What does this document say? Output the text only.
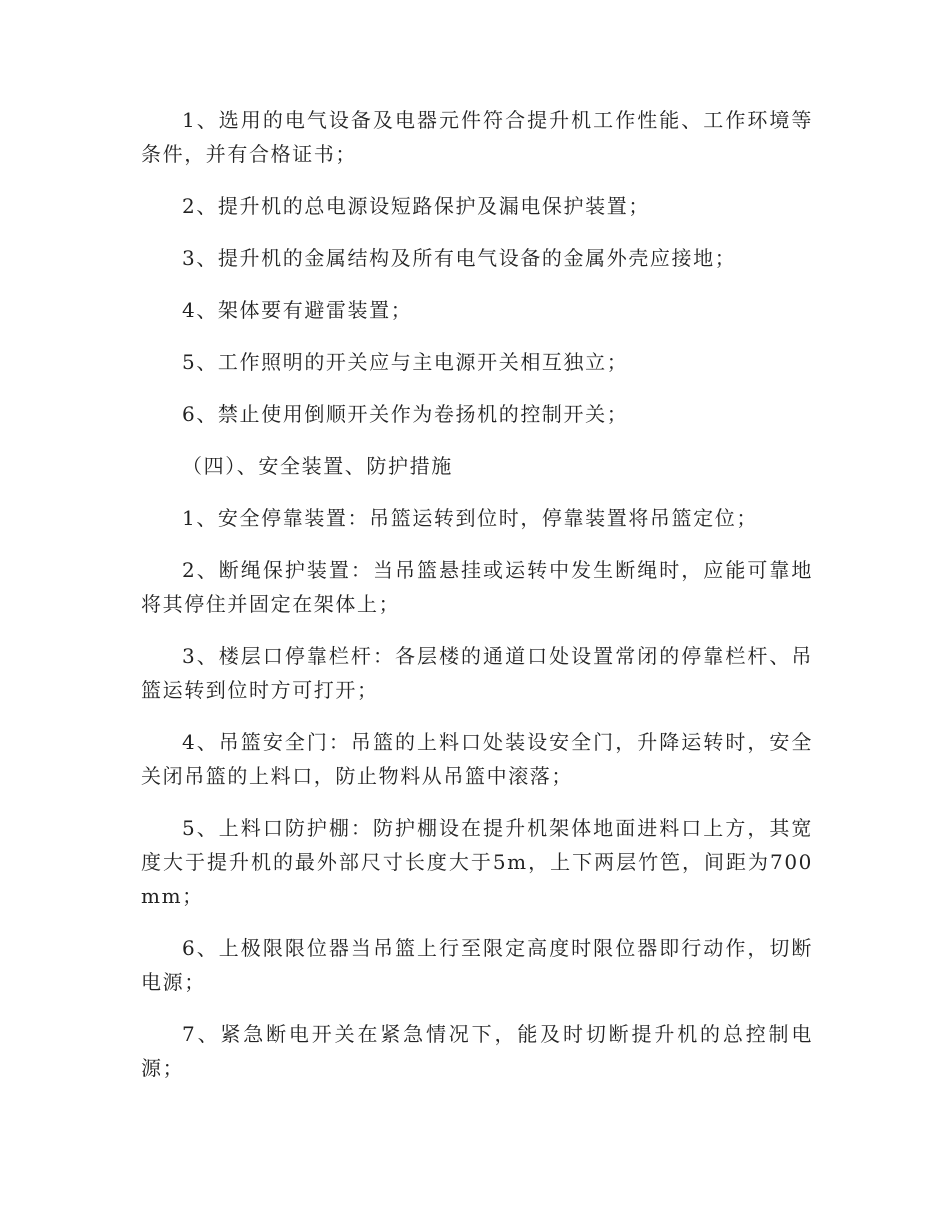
1、选用的电气设备及电器元件符合提升机工作性能、工作环境等条件，并有合格证书；

2、提升机的总电源设短路保护及漏电保护装置；

3、提升机的金属结构及所有电气设备的金属外壳应接地；

4、架体要有避雷装置；

5、工作照明的开关应与主电源开关相互独立；

6、禁止使用倒顺开关作为卷扬机的控制开关；

（四）、安全装置、防护措施

1、安全停靠装置：吊篮运转到位时，停靠装置将吊篮定位；

2、断绳保护装置：当吊篮悬挂或运转中发生断绳时，应能可靠地将其停住并固定在架体上；

3、楼层口停靠栏杆：各层楼的通道口处设置常闭的停靠栏杆、吊篮运转到位时方可打开；

4、吊篮安全门：吊篮的上料口处装设安全门，升降运转时，安全关闭吊篮的上料口，防止物料从吊篮中滚落；

5、上料口防护棚：防护棚设在提升机架体地面进料口上方，其宽度大于提升机的最外部尺寸长度大于5m，上下两层竹笆，间距为700mm；

6、上极限限位器当吊篮上行至限定高度时限位器即行动作，切断电源；

7、紧急断电开关在紧急情况下，能及时切断提升机的总控制电源；
